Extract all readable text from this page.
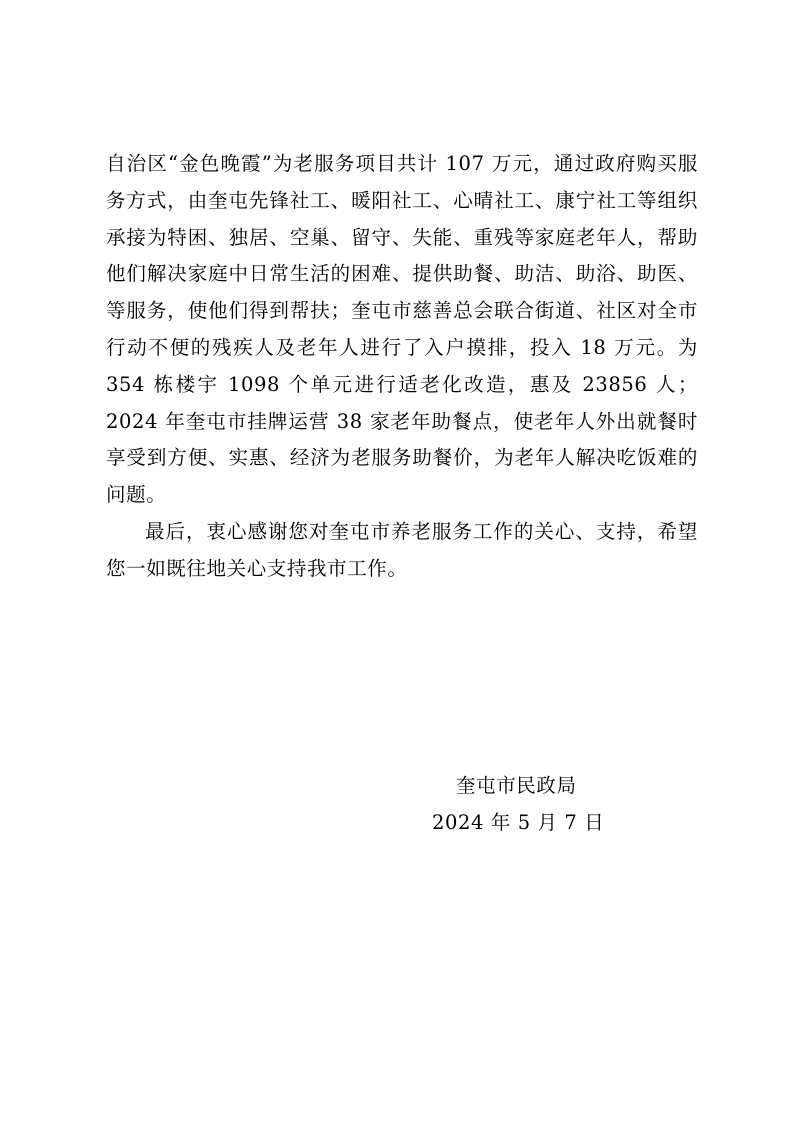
自治区“金色晚霞”为老服务项目共计 107 万元，通过政府购买服务方式，由奎屯先锋社工、暖阳社工、心晴社工、康宁社工等组织承接为特困、独居、空巢、留守、失能、重残等家庭老年人，帮助他们解决家庭中日常生活的困难、提供助餐、助洁、助浴、助医、等服务，使他们得到帮扶；奎屯市慈善总会联合街道、社区对全市行动不便的残疾人及老年人进行了入户摸排，投入 18 万元。为 354 栋楼宇 1098 个单元进行适老化改造，惠及 23856 人；2024 年奎屯市挂牌运营 38 家老年助餐点，使老年人外出就餐时享受到方便、实惠、经济为老服务助餐价，为老年人解决吃饭难的问题。

最后，衷心感谢您对奎屯市养老服务工作的关心、支持，希望您一如既往地关心支持我市工作。

奎屯市民政局
2024 年 5 月 7 日
